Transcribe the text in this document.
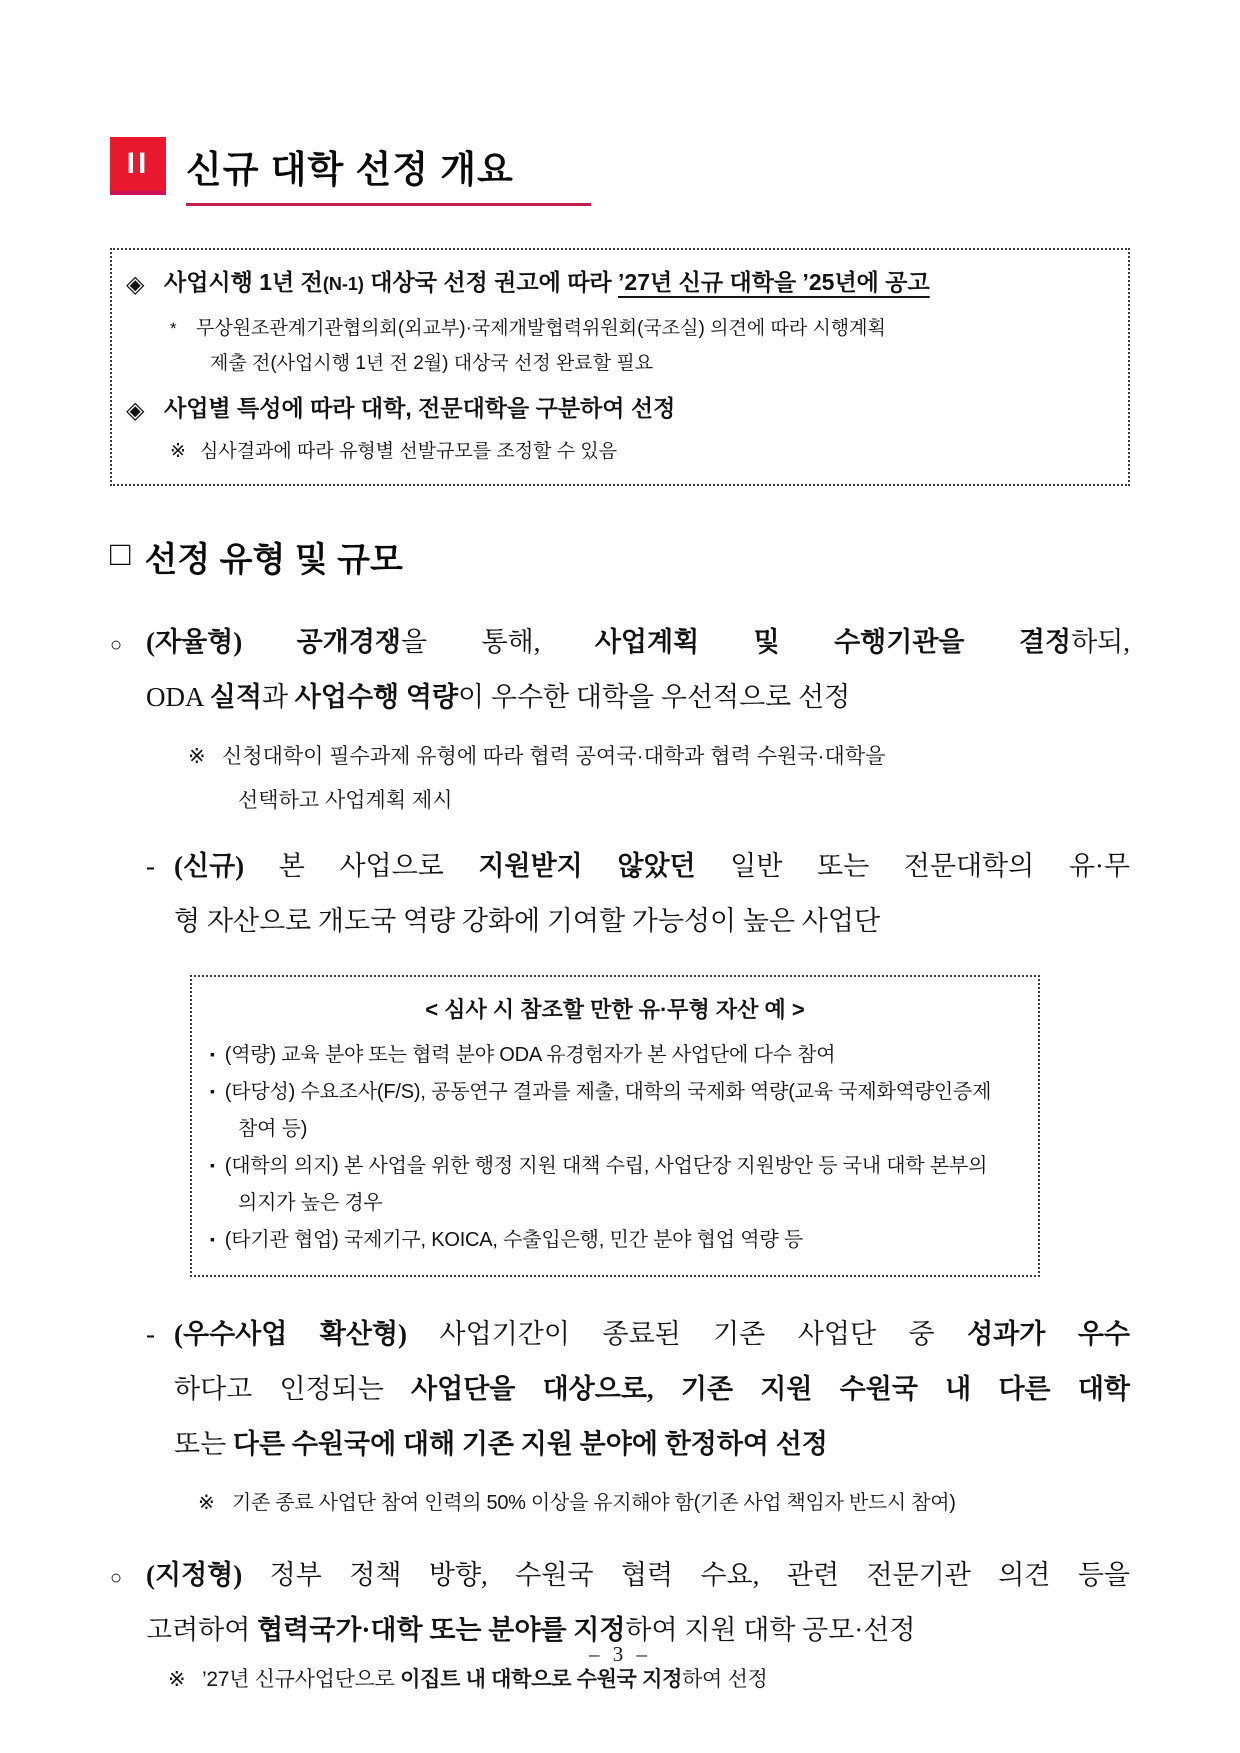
II 신규 대학 선정 개요
◈ 사업시행 1년 전(N-1) 대상국 선정 권고에 따라 ’27년 신규 대학을 ’25년에 공고

*	무상원조관계기관협의회(외교부)·국제개발협력위원회(국조실) 의견에 따라 시행계획
제출 전(사업시행 1년 전 2월) 대상국 선정 완료할 필요

◈ 사업별 특성에 따라 대학, 전문대학을 구분하여 선정

※ 심사결과에 따라 유형별 선발규모를 조정할 수 있음

□ 선정 유형 및 규모
○ (자율형) 공개경쟁을 통해, 사업계획 및 수행기관을 결정하되,
ODA 실적과 사업수행 역량이 우수한 대학을 우선적으로 선정
※ 신청대학이 필수과제 유형에 따라 협력 공여국·대학과 협력 수원국·대학을
선택하고 사업계획 제시

- (신규) 본 사업으로 지원받지 않았던 일반 또는 전문대학의 유·무
형 자산으로 개도국 역량 강화에 기여할 가능성이 높은 사업단
< 심사 시 참조할 만한 유·무형 자산 예 >
▪ (역량) 교육 분야 또는 협력 분야 ODA 유경험자가 본 사업단에 다수 참여
▪ (타당성) 수요조사(F/S), 공동연구 결과를 제출, 대학의 국제화 역량(교육 국제화역량인증제 참여 등)
▪ (대학의 의지) 본 사업을 위한 행정 지원 대책 수립, 사업단장 지원방안 등 국내 대학 본부의 의지가 높은 경우
▪ (타기관 협업) 국제기구, KOICA, 수출입은행, 민간 분야 협업 역량 등
- (우수사업 확산형) 사업기간이 종료된 기존 사업단 중 성과가 우수
하다고 인정되는 사업단을 대상으로, 기존 지원 수원국 내 다른 대학
또는 다른 수원국에 대해 기존 지원 분야에 한정하여 선정
※ 기존 종료 사업단 참여 인력의 50% 이상을 유지해야 함(기존 사업 책임자 반드시 참여)

○ (지정형) 정부 정책 방향, 수원국 협력 수요, 관련 전문기관 의견 등을
고려하여 협력국가·대학 또는 분야를 지정하여 지원 대학 공모·선정
※ ’27년 신규사업단으로 이집트 내 대학으로 수원국 지정하여 선정

– 3 –
